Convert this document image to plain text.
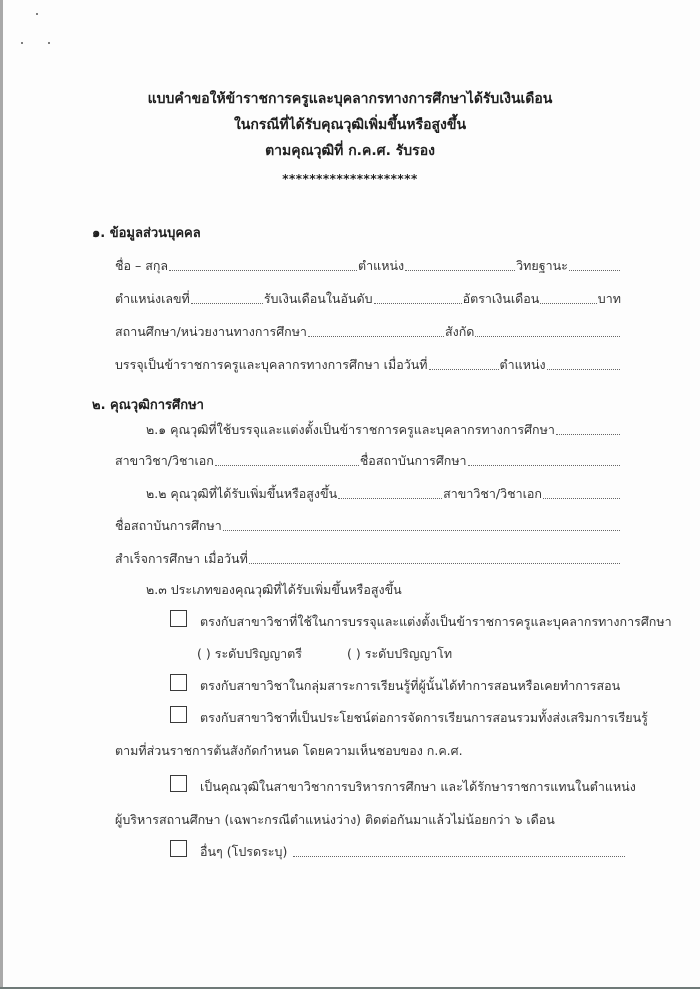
แบบคำขอให้ข้าราชการครูและบุคลากรทางการศึกษาได้รับเงินเดือน
ในกรณีที่ได้รับคุณวุฒิเพิ่มขึ้นหรือสูงขึ้น
ตามคุณวุฒิที่ ก.ค.ศ. รับรอง
********************
๑. ข้อมูลส่วนบุคคล
ชื่อ – สกุล	ตำแหน่ง	วิทยฐานะ
ตำแหน่งเลขที่	รับเงินเดือนในอันดับ	อัตราเงินเดือน	บาท
สถานศึกษา/หน่วยงานทางการศึกษา	สังกัด
บรรจุเป็นข้าราชการครูและบุคลากรทางการศึกษา เมื่อวันที่	ตำแหน่ง
๒. คุณวุฒิการศึกษา
๒.๑ คุณวุฒิที่ใช้บรรจุและแต่งตั้งเป็นข้าราชการครูและบุคลากรทางการศึกษา
สาขาวิชา/วิชาเอก	ชื่อสถาบันการศึกษา
๒.๒ คุณวุฒิที่ได้รับเพิ่มขึ้นหรือสูงขึ้น	สาขาวิชา/วิชาเอก
ชื่อสถาบันการศึกษา
สำเร็จการศึกษา เมื่อวันที่
๒.๓ ประเภทของคุณวุฒิที่ได้รับเพิ่มขึ้นหรือสูงขึ้น
ตรงกับสาขาวิชาที่ใช้ในการบรรจุและแต่งตั้งเป็นข้าราชการครูและบุคลากรทางการศึกษา
( ) ระดับปริญญาตรี	( ) ระดับปริญญาโท
ตรงกับสาขาวิชาในกลุ่มสาระการเรียนรู้ที่ผู้นั้นได้ทำการสอนหรือเคยทำการสอน
ตรงกับสาขาวิชาที่เป็นประโยชน์ต่อการจัดการเรียนการสอนรวมทั้งส่งเสริมการเรียนรู้
ตามที่ส่วนราชการต้นสังกัดกำหนด โดยความเห็นชอบของ ก.ค.ศ.
เป็นคุณวุฒิในสาขาวิชาการบริหารการศึกษา และได้รักษาราชการแทนในตำแหน่ง
ผู้บริหารสถานศึกษา (เฉพาะกรณีตำแหน่งว่าง) ติดต่อกันมาแล้วไม่น้อยกว่า ๖ เดือน
อื่นๆ (โปรดระบุ)
